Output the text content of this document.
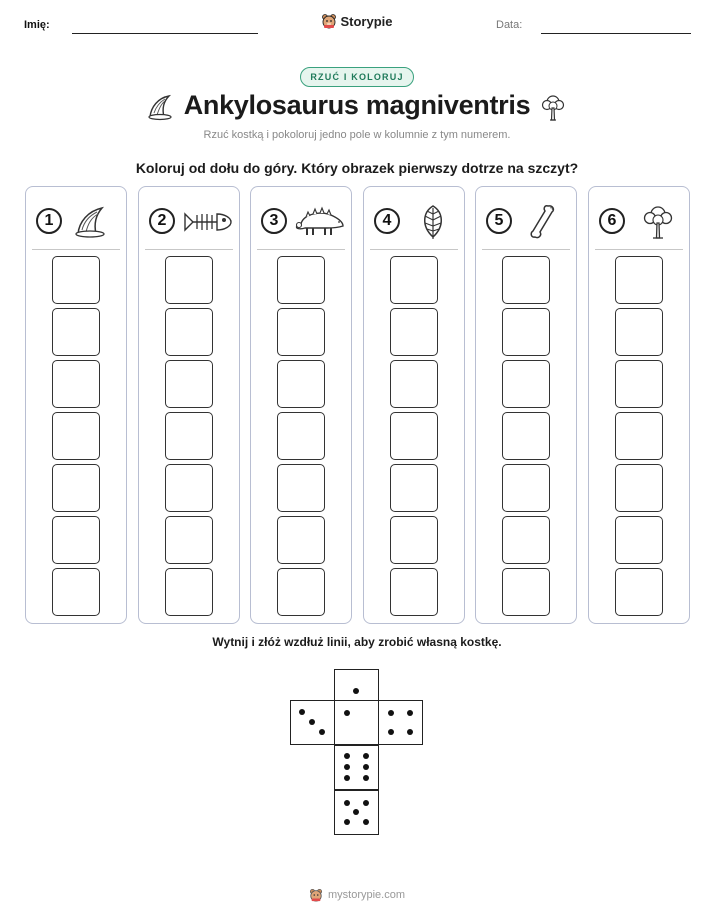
Imię:	Storypie	Data:
RZUĆ I KOLORUJ
Ankylosaurus magniventris
Rzuć kostką i pokoloruj jedno pole w kolumnie z tym numerem.
Koloruj od dołu do góry. Który obrazek pierwszy dotrze na szczyt?
1	2	3	4	5	6
Wytnij i złóż wzdłuż linii, aby zrobić własną kostkę.
mystorypie.com
